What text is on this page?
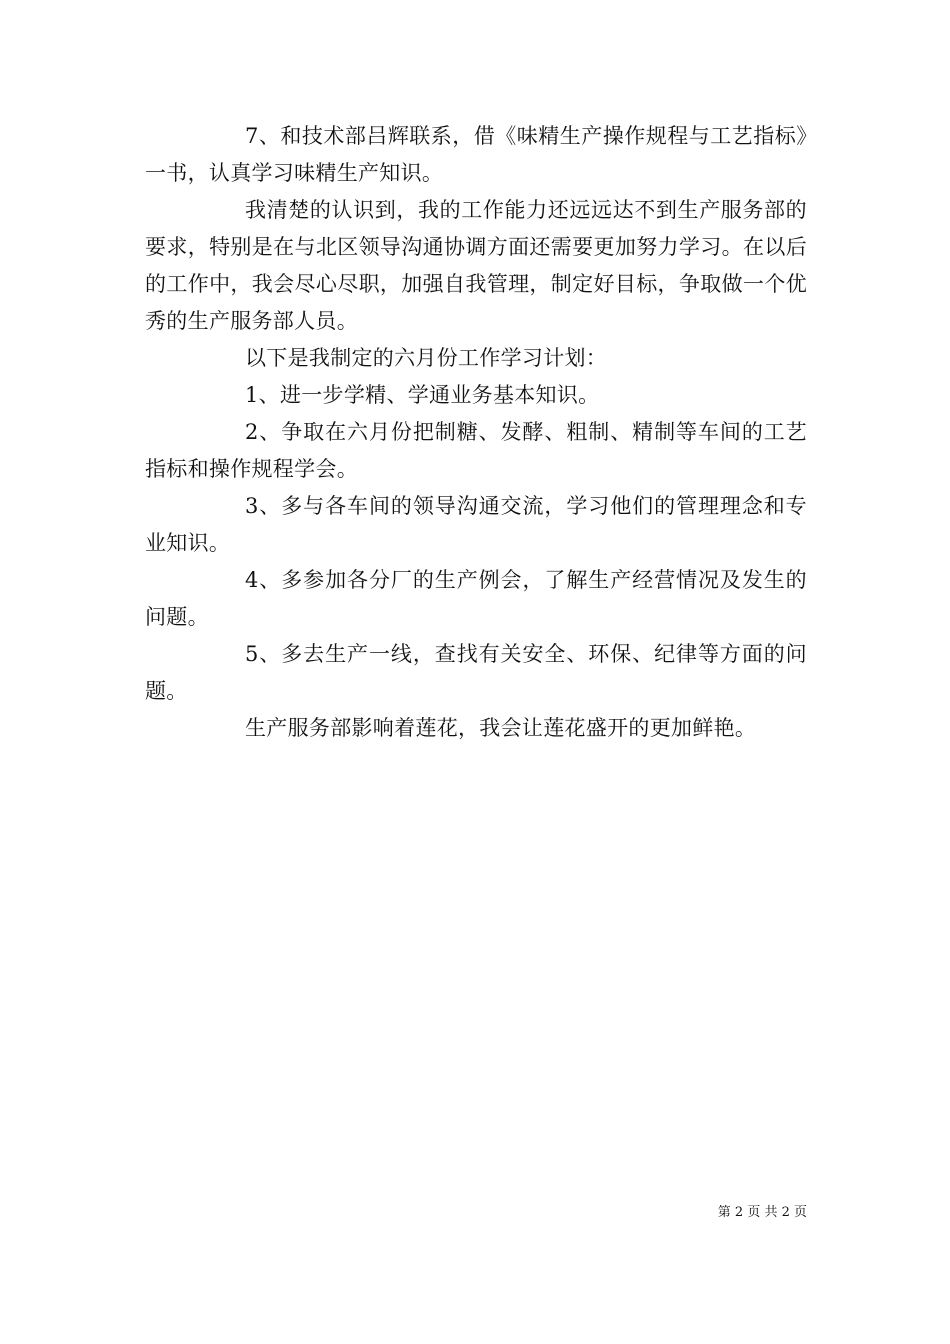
7、和技术部吕辉联系，借《味精生产操作规程与工艺指标》一书，认真学习味精生产知识。

我清楚的认识到，我的工作能力还远远达不到生产服务部的要求，特别是在与北区领导沟通协调方面还需要更加努力学习。在以后的工作中，我会尽心尽职，加强自我管理，制定好目标，争取做一个优秀的生产服务部人员。

以下是我制定的六月份工作学习计划：

1、进一步学精、学通业务基本知识。

2、争取在六月份把制糖、发酵、粗制、精制等车间的工艺指标和操作规程学会。

3、多与各车间的领导沟通交流，学习他们的管理理念和专业知识。

4、多参加各分厂的生产例会，了解生产经营情况及发生的问题。

5、多去生产一线，查找有关安全、环保、纪律等方面的问题。

生产服务部影响着莲花，我会让莲花盛开的更加鲜艳。

第 2 页 共 2 页
